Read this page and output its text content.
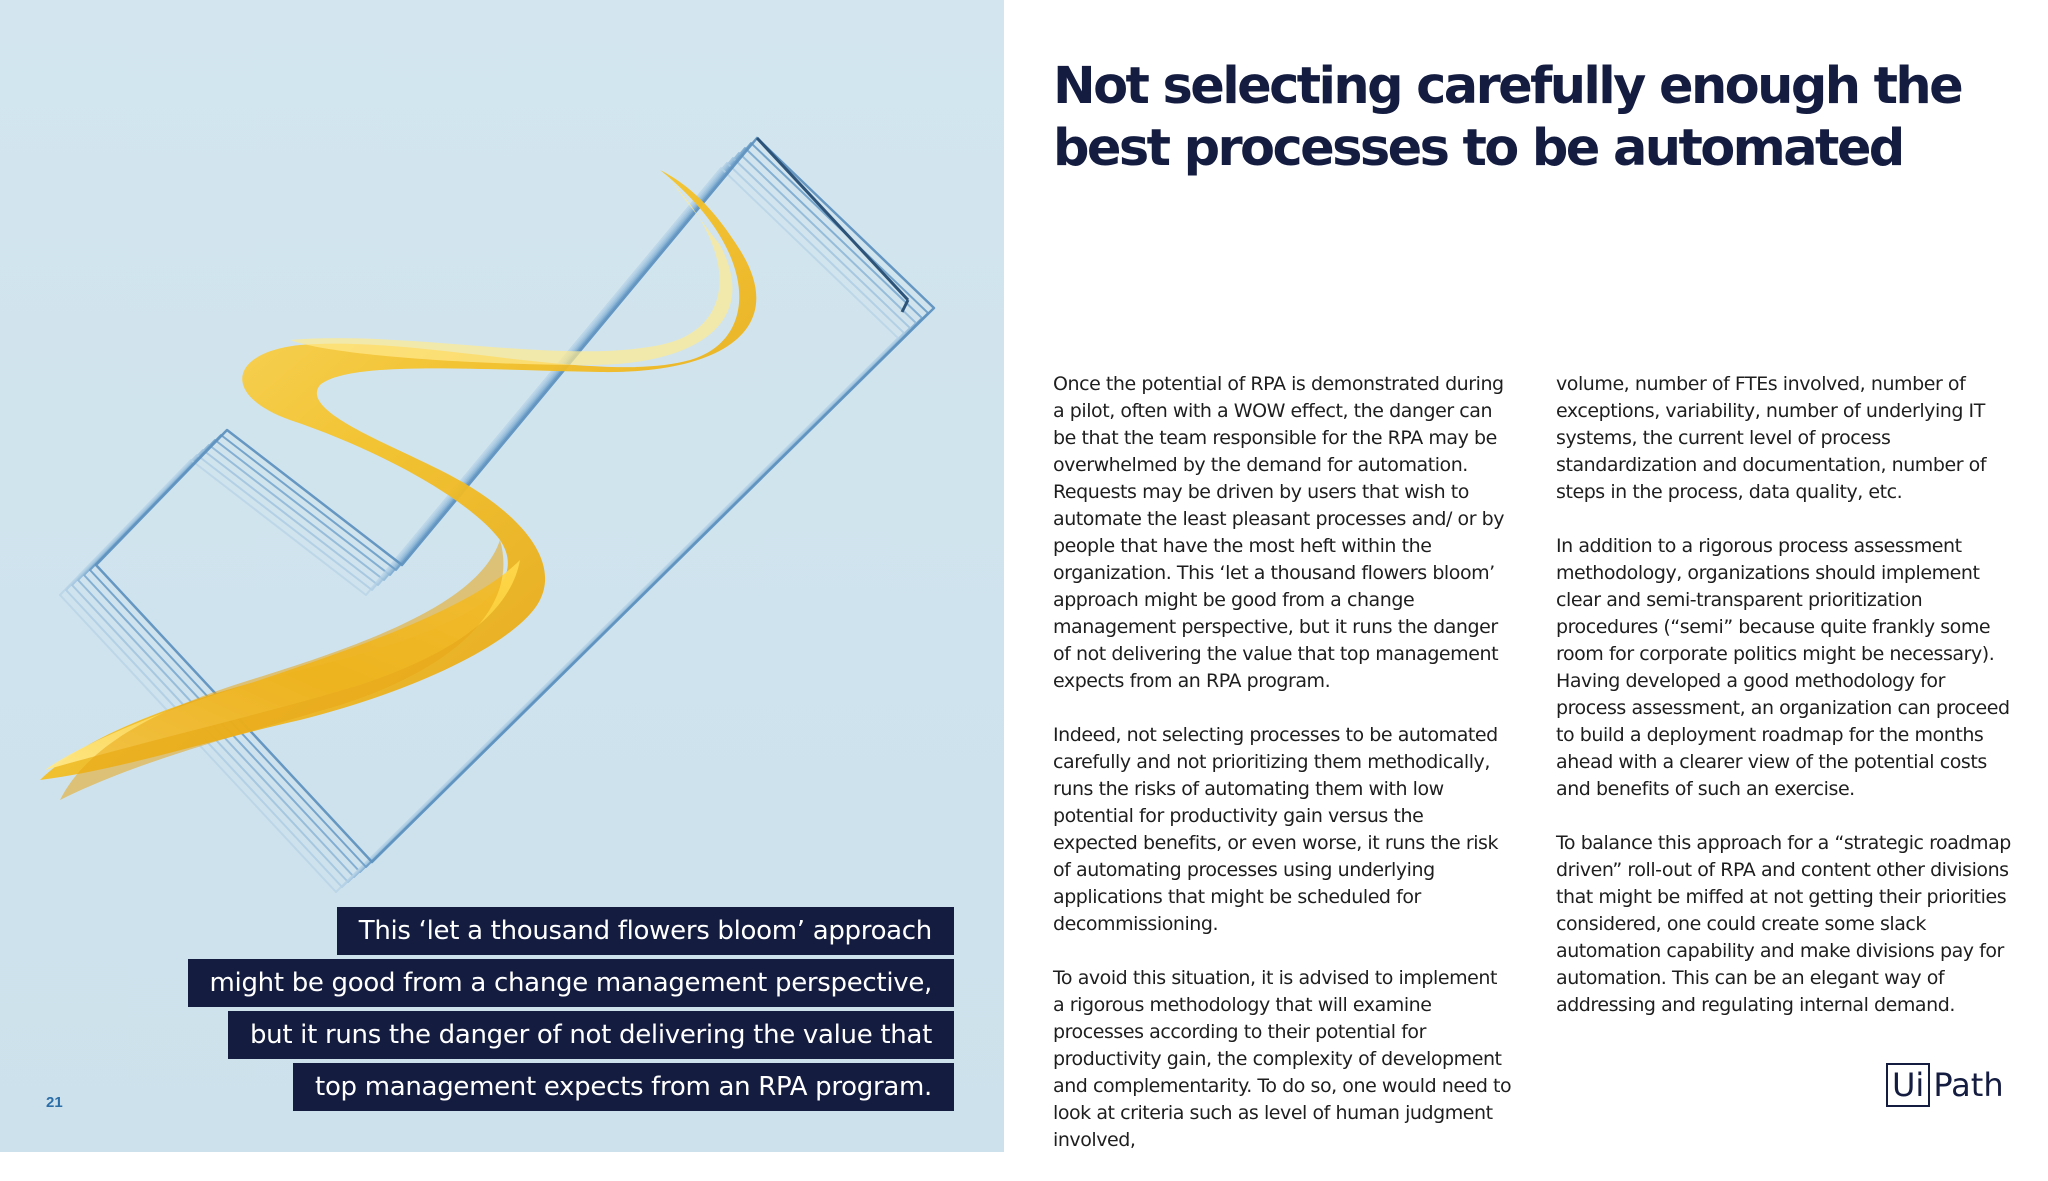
This ‘let a thousand flowers bloom’ approach
might be good from a change management perspective,
but it runs the danger of not delivering the value that
top management expects from an RPA program.
21
Not selecting carefully enough the best processes to be automated

Once the potential of RPA is demonstrated during a pilot, often with a WOW effect, the danger can be that the team responsible for the RPA may be overwhelmed by the demand for automation. Requests may be driven by users that wish to automate the least pleasant processes and/ or by people that have the most heft within the organization. This ‘let a thousand flowers bloom’ approach might be good from a change management perspective, but it runs the danger of not delivering the value that top management expects from an RPA program.

Indeed, not selecting processes to be automated carefully and not prioritizing them methodically, runs the risks of automating them with low potential for productivity gain versus the expected benefits, or even worse, it runs the risk of automating processes using underlying applications that might be scheduled for decommissioning.

To avoid this situation, it is advised to implement a rigorous methodology that will examine processes according to their potential for productivity gain, the complexity of development and complementarity. To do so, one would need to look at criteria such as level of human judgment involved,

volume, number of FTEs involved, number of exceptions, variability, number of underlying IT systems, the current level of process standardization and documentation, number of steps in the process, data quality, etc.

In addition to a rigorous process assessment methodology, organizations should implement clear and semi-transparent prioritization procedures (“semi” because quite frankly some room for corporate politics might be necessary). Having developed a good methodology for process assessment, an organization can proceed to build a deployment roadmap for the months ahead with a clearer view of the potential costs and benefits of such an exercise.

To balance this approach for a “strategic roadmap driven” roll-out of RPA and content other divisions that might be miffed at not getting their priorities considered, one could create some slack automation capability and make divisions pay for automation. This can be an elegant way of addressing and regulating internal demand.

Ui Path
